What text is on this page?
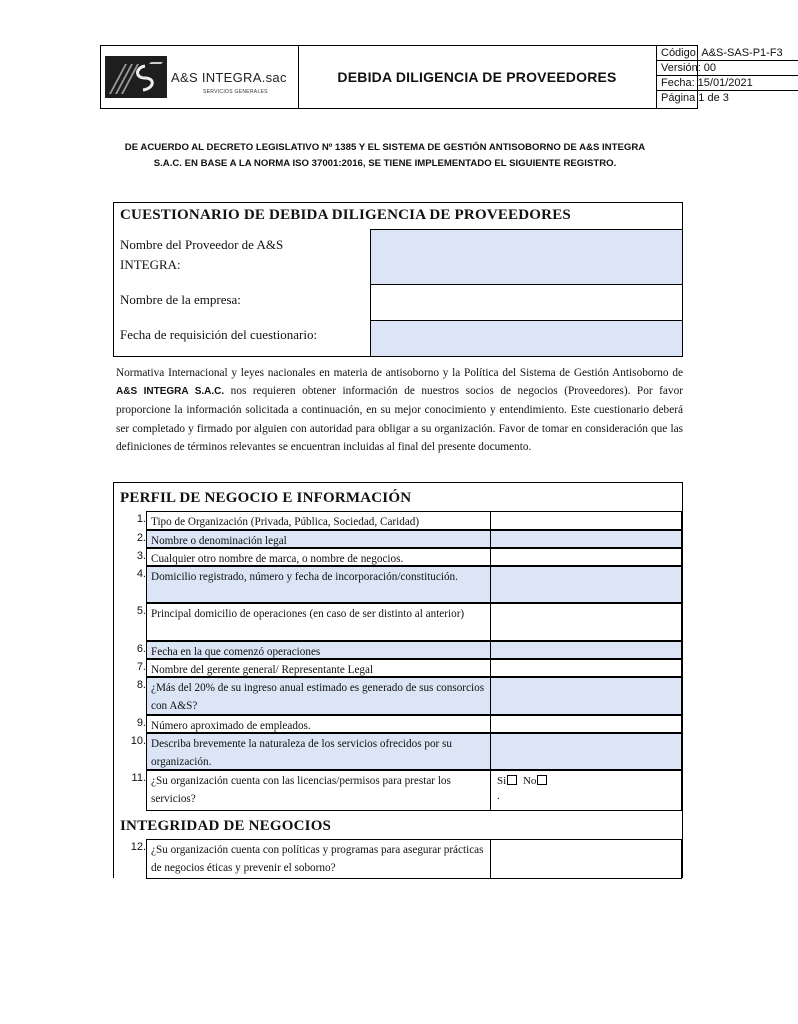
A&S INTEGRA.sac
SERVICIOS GENERALES
DEBIDA DILIGENCIA DE PROVEEDORES
Código: A&S-SAS-P1-F3
Versión: 00
Fecha: 15/01/2021
Página 1 de 3
DE ACUERDO AL DECRETO LEGISLATIVO Nº 1385 Y EL SISTEMA DE GESTIÓN ANTISOBORNO DE A&S INTEGRA S.A.C. EN BASE A LA NORMA ISO 37001:2016, SE TIENE IMPLEMENTADO EL SIGUIENTE REGISTRO.
CUESTIONARIO DE DEBIDA DILIGENCIA DE PROVEEDORES
Nombre del Proveedor de A&S
INTEGRA:
Nombre de la empresa:
Fecha de requisición del cuestionario:
Normativa Internacional y leyes nacionales en materia de antisoborno y la Política del Sistema de Gestión Antisoborno de A&S INTEGRA S.A.C. nos requieren obtener información de nuestros socios de negocios (Proveedores). Por favor proporcione la información solicitada a continuación, en su mejor conocimiento y entendimiento. Este cuestionario deberá ser completado y firmado por alguien con autoridad para obligar a su organización. Favor de tomar en consideración que las definiciones de términos relevantes se encuentran incluidas al final del presente documento.
PERFIL DE NEGOCIO E INFORMACIÓN
1. Tipo de Organización (Privada, Pública, Sociedad, Caridad)
2. Nombre o denominación legal
3. Cualquier otro nombre de marca, o nombre de negocios.
4. Domicilio registrado, número y fecha de incorporación/constitución.
5. Principal domicilio de operaciones (en caso de ser distinto al anterior)
6. Fecha en la que comenzó operaciones
7. Nombre del gerente general/ Representante Legal
8. ¿Más del 20% de su ingreso anual estimado es generado de sus consorcios con A&S?
9. Número aproximado de empleados.
10. Describa brevemente la naturaleza de los servicios ofrecidos por su organización.
11. ¿Su organización cuenta con las licencias/permisos para prestar los servicios?
Si No
.
INTEGRIDAD DE NEGOCIOS
12. ¿Su organización cuenta con políticas y programas para asegurar prácticas de negocios éticas y prevenir el soborno?
